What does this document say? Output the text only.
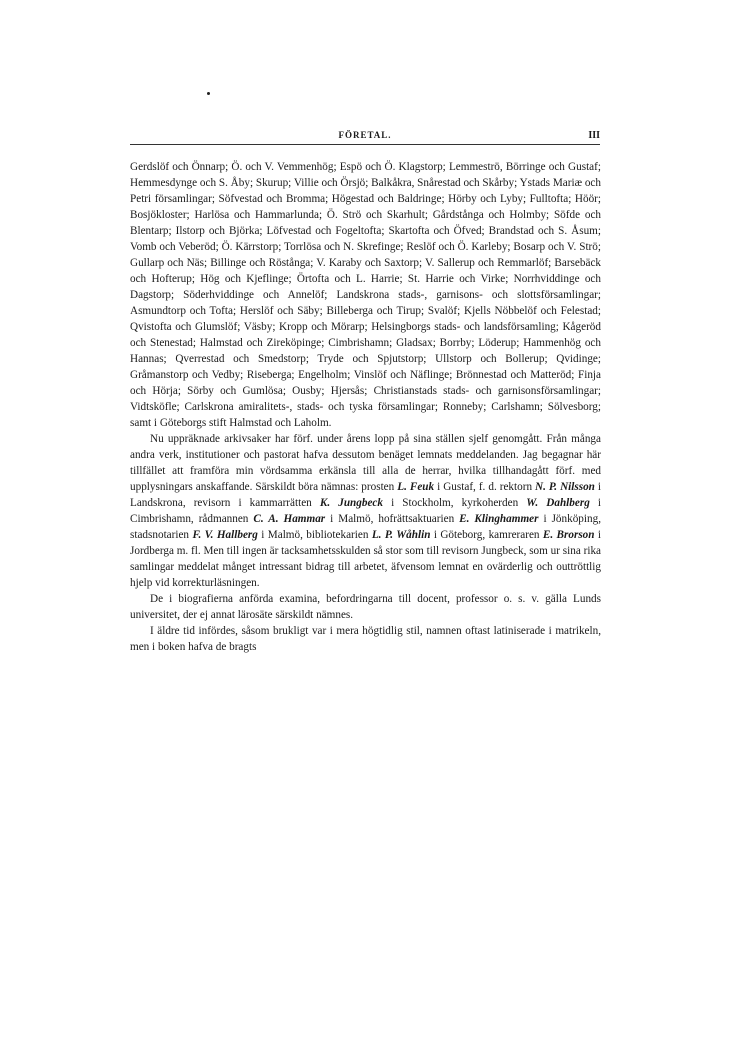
FÖRETAL.	III

Gerdslöf och Önnarp; Ö. och V. Vemmenhög; Espö och Ö. Klagstorp; Lemmeströ, Börringe och Gustaf; Hemmesdynge och S. Åby; Skurup; Villie och Örsjö; Balkåkra, Snårestad och Skårby; Ystads Mariæ och Petri församlingar; Söfvestad och Bromma; Högestad och Baldringe; Hörby och Lyby; Fulltofta; Höör; Bosjökloster; Harlösa och Hammarlunda; Ö. Strö och Skarhult; Gårdstånga och Holmby; Söfde och Blentarp; Ilstorp och Björka; Löfvestad och Fogeltofta; Skartofta och Öfved; Brandstad och S. Åsum; Vomb och Veberöd; Ö. Kärrstorp; Torrlösa och N. Skrefinge; Reslöf och Ö. Karleby; Bosarp och V. Strö; Gullarp och Näs; Billinge och Röstånga; V. Karaby och Saxtorp; V. Sallerup och Remmarlöf; Barsebäck och Hofterup; Hög och Kjeflinge; Örtofta och L. Harrie; St. Harrie och Virke; Norrhviddinge och Dagstorp; Söderhviddinge och Annelöf; Landskrona stads-, garnisons- och slottsförsamlingar; Asmundtorp och Tofta; Herslöf och Säby; Billeberga och Tirup; Svalöf; Kjells Nöbbelöf och Felestad; Qvistofta och Glumslöf; Väsby; Kropp och Mörarp; Helsingborgs stads- och landsförsamling; Kågeröd och Stenestad; Halmstad och Zireköpinge; Cimbrishamn; Gladsax; Borrby; Löderup; Hammenhög och Hannas; Qverrestad och Smedstorp; Tryde och Spjutstorp; Ullstorp och Bollerup; Qvidinge; Gråmanstorp och Vedby; Riseberga; Engelholm; Vinslöf och Näflinge; Brönnestad och Matteröd; Finja och Hörja; Sörby och Gumlösa; Ousby; Hjersås; Christianstads stads- och garnisonsförsamlingar; Vidtsköfle; Carlskrona amiralitets-, stads- och tyska församlingar; Ronneby; Carlshamn; Sölvesborg; samt i Göteborgs stift Halmstad och Laholm.

Nu uppräknade arkivsaker har förf. under årens lopp på sina ställen sjelf genomgått. Från många andra verk, institutioner och pastorat hafva dessutom benäget lemnats meddelanden. Jag begagnar här tillfället att framföra min vördsamma erkänsla till alla de herrar, hvilka tillhandagått förf. med upplysningars anskaffande. Särskildt böra nämnas: prosten L. Feuk i Gustaf, f. d. rektorn N. P. Nilsson i Landskrona, revisorn i kammarrätten K. Jungbeck i Stockholm, kyrkoherden W. Dahlberg i Cimbrishamn, rådmannen C. A. Hammar i Malmö, hofrättsaktuarien E. Klinghammer i Jönköping, stadsnotarien F. V. Hallberg i Malmö, bibliotekarien L. P. Wåhlin i Göteborg, kamreraren E. Brorson i Jordberga m. fl. Men till ingen är tacksamhetsskulden så stor som till revisorn Jungbeck, som ur sina rika samlingar meddelat månget intressant bidrag till arbetet, äfvensom lemnat en ovärderlig och outtröttlig hjelp vid korrekturläsningen.

De i biografierna anförda examina, befordringarna till docent, professor o. s. v. gälla Lunds universitet, der ej annat lärosäte särskildt nämnes.

I äldre tid infördes, såsom brukligt var i mera högtidlig stil, namnen oftast latiniserade i matrikeln, men i boken hafva de bragts
